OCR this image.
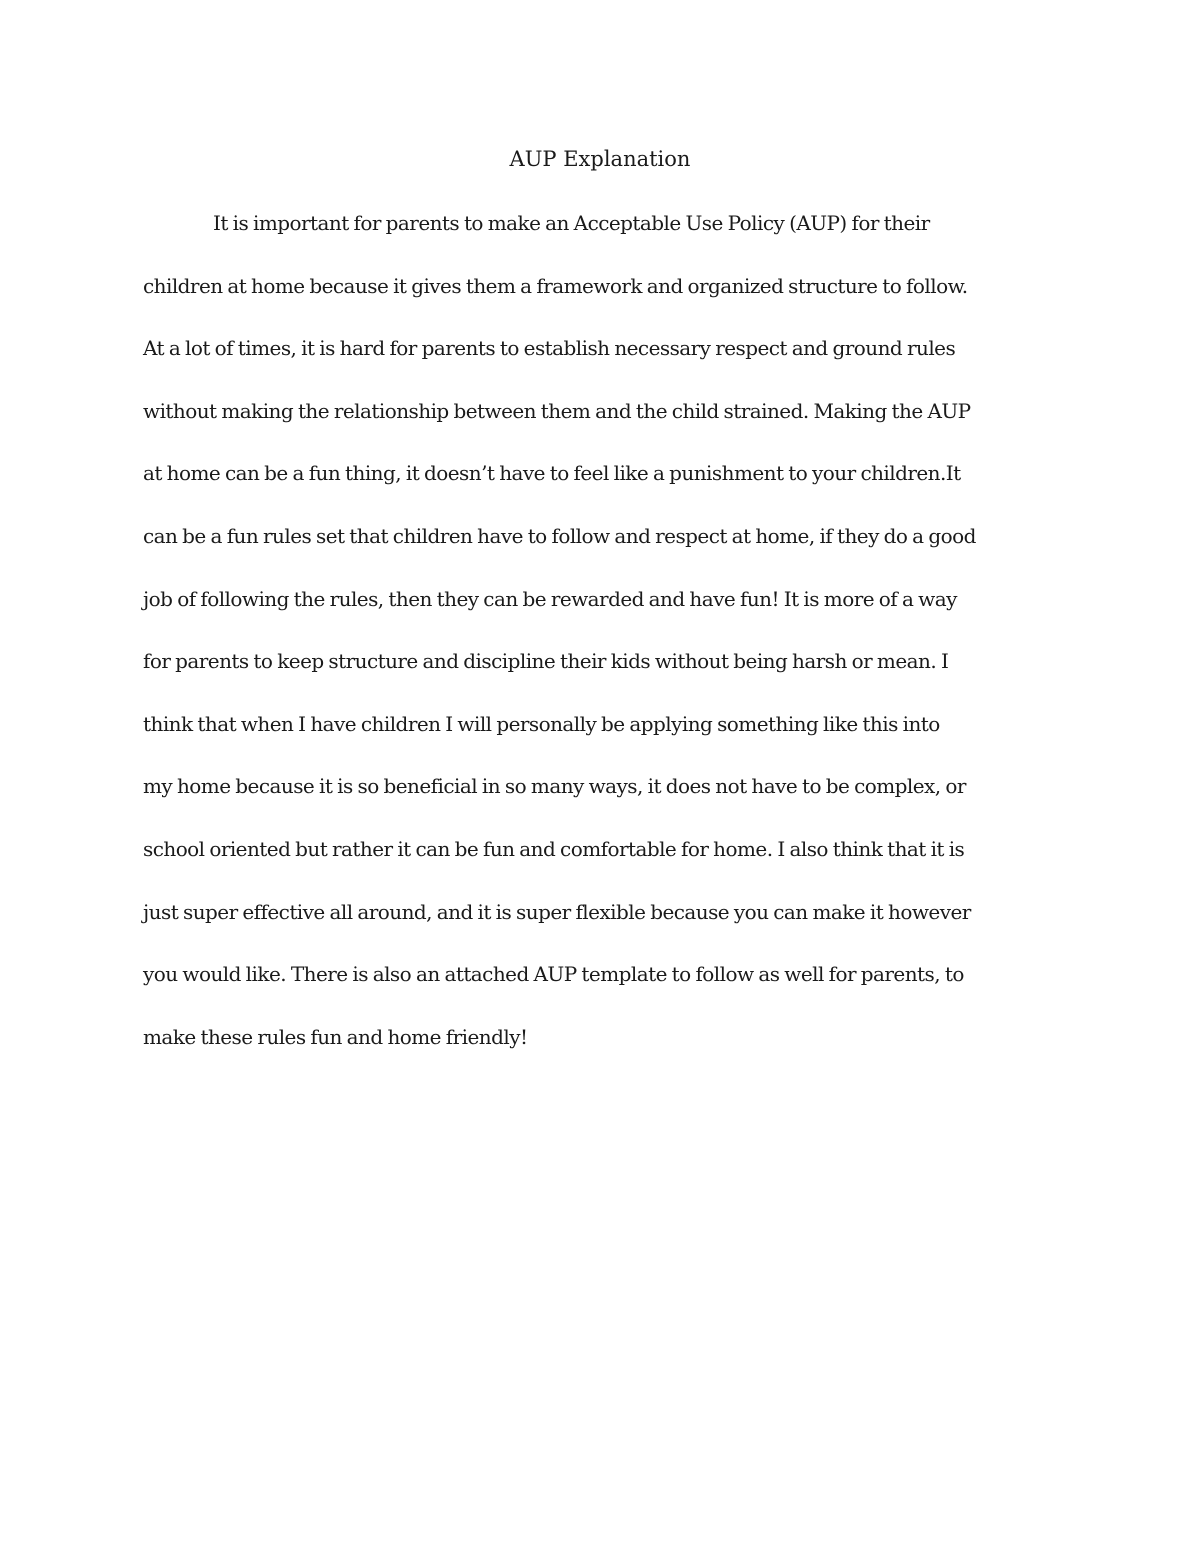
AUP Explanation
It is important for parents to make an Acceptable Use Policy (AUP) for their
children at home because it gives them a framework and organized structure to follow.
At a lot of times, it is hard for parents to establish necessary respect and ground rules
without making the relationship between them and the child strained. Making the AUP
at home can be a fun thing, it doesn’t have to feel like a punishment to your children.It
can be a fun rules set that children have to follow and respect at home, if they do a good
job of following the rules, then they can be rewarded and have fun! It is more of a way
for parents to keep structure and discipline their kids without being harsh or mean. I
think that when I have children I will personally be applying something like this into
my home because it is so beneficial in so many ways, it does not have to be complex, or
school oriented but rather it can be fun and comfortable for home. I also think that it is
just super effective all around, and it is super flexible because you can make it however
you would like. There is also an attached AUP template to follow as well for parents, to
make these rules fun and home friendly!
